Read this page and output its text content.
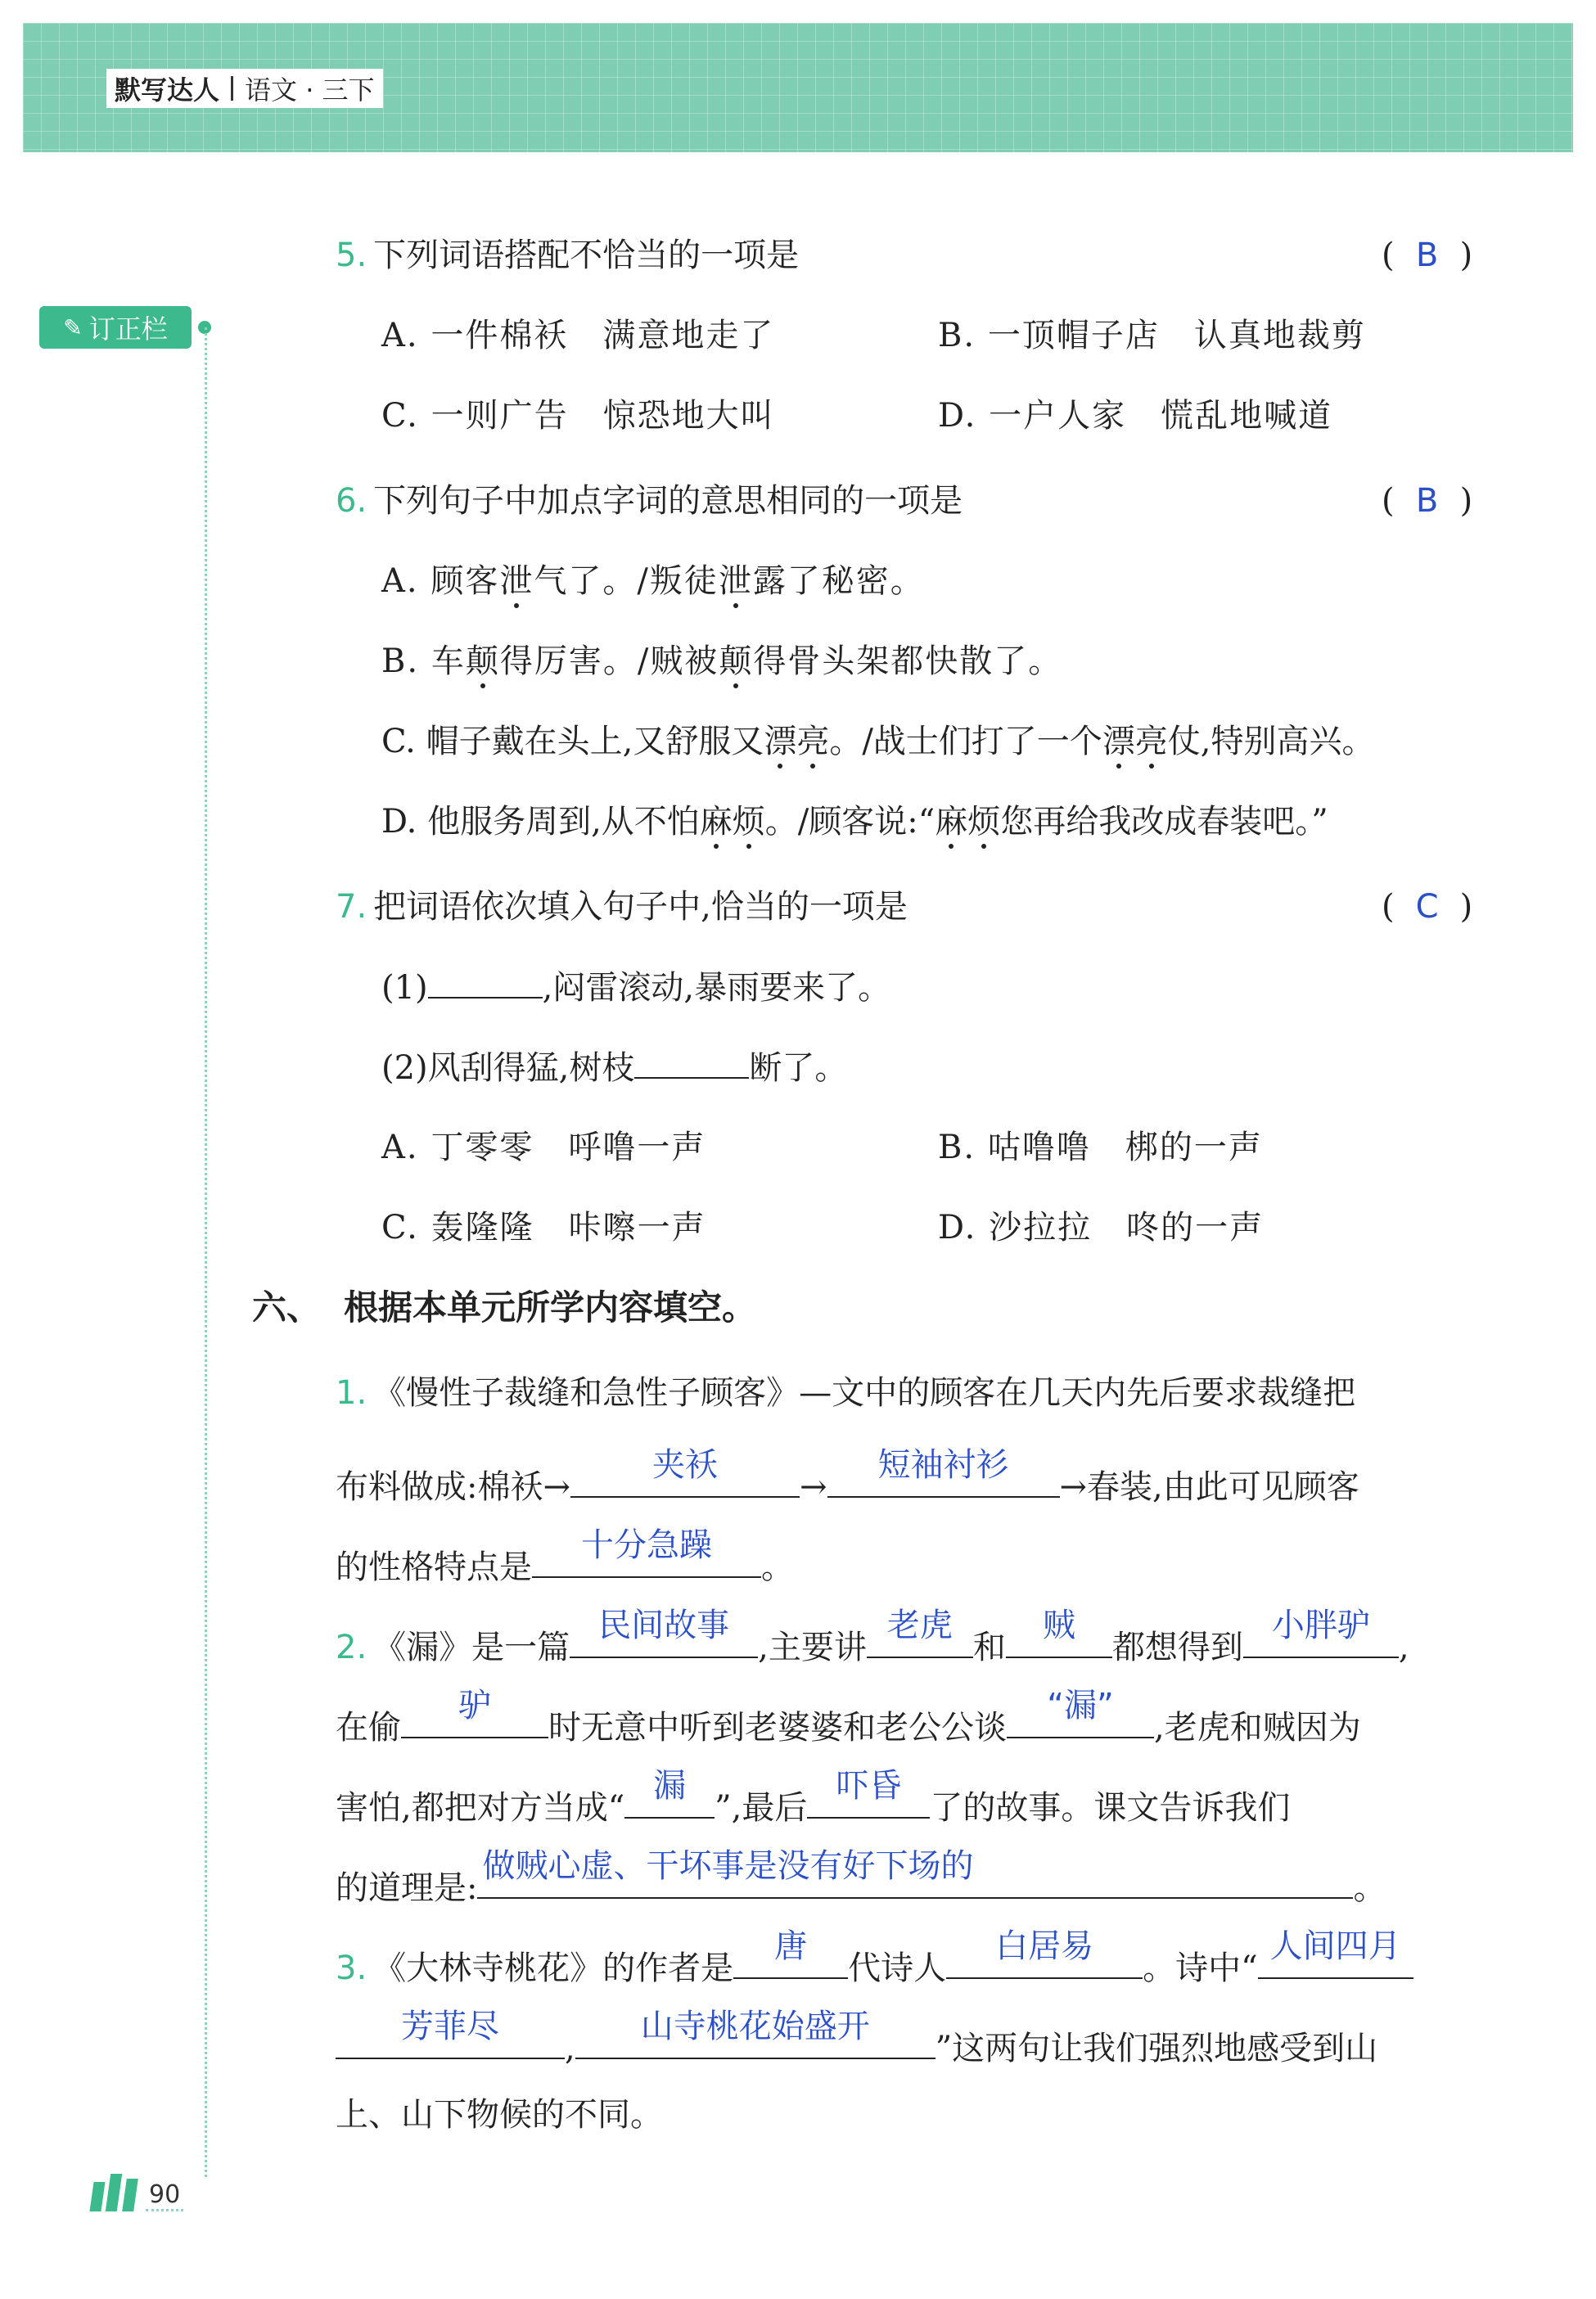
默写达人 语文 · 三下
✎ 订正栏
5. 下列词语搭配不恰当的一项是	( B )
A. 一件棉袄　满意地走了	B. 一顶帽子店　认真地裁剪
C. 一则广告　惊恐地大叫	D. 一户人家　慌乱地喊道
6. 下列句子中加点字词的意思相同的一项是	( B )
A. 顾客泄气了。/叛徒泄露了秘密。
B. 车颠得厉害。/贼被颠得骨头架都快散了。
C. 帽子戴在头上,又舒服又漂亮。/战士们打了一个漂亮仗,特别高兴。
D. 他服务周到,从不怕麻烦。/顾客说:“麻烦您再给我改成春装吧。”
7. 把词语依次填入句子中,恰当的一项是	( C )
(1)	,闷雷滚动,暴雨要来了。
(2)风刮得猛,树枝	断了。
A. 丁零零　呼噜一声	B. 咕噜噜　梆的一声
C. 轰隆隆　咔嚓一声	D. 沙拉拉　咚的一声
六、 根据本单元所学内容填空。
1. 《慢性子裁缝和急性子顾客》—文中的顾客在几天内先后要求裁缝把
布料做成:棉袄→
夹袄
→
短袖衬衫
→春装,由此可见顾客
的性格特点是
十分急躁
。
2. 《漏》是一篇
民间故事
,主要讲
老虎
和
贼
都想得到
小胖驴
,
在偷
驴
时无意中听到老婆婆和老公公谈
“漏”
,老虎和贼因为
害怕,都把对方当成“
漏
”,最后
吓昏
了的故事。课文告诉我们
的道理是:
做贼心虚、干坏事是没有好下场的
。
3. 《大林寺桃花》的作者是
唐
代诗人
白居易
。诗中“
人间四月
芳菲尽
,
山寺桃花始盛开
”这两句让我们强烈地感受到山
上、山下物候的不同。
90
